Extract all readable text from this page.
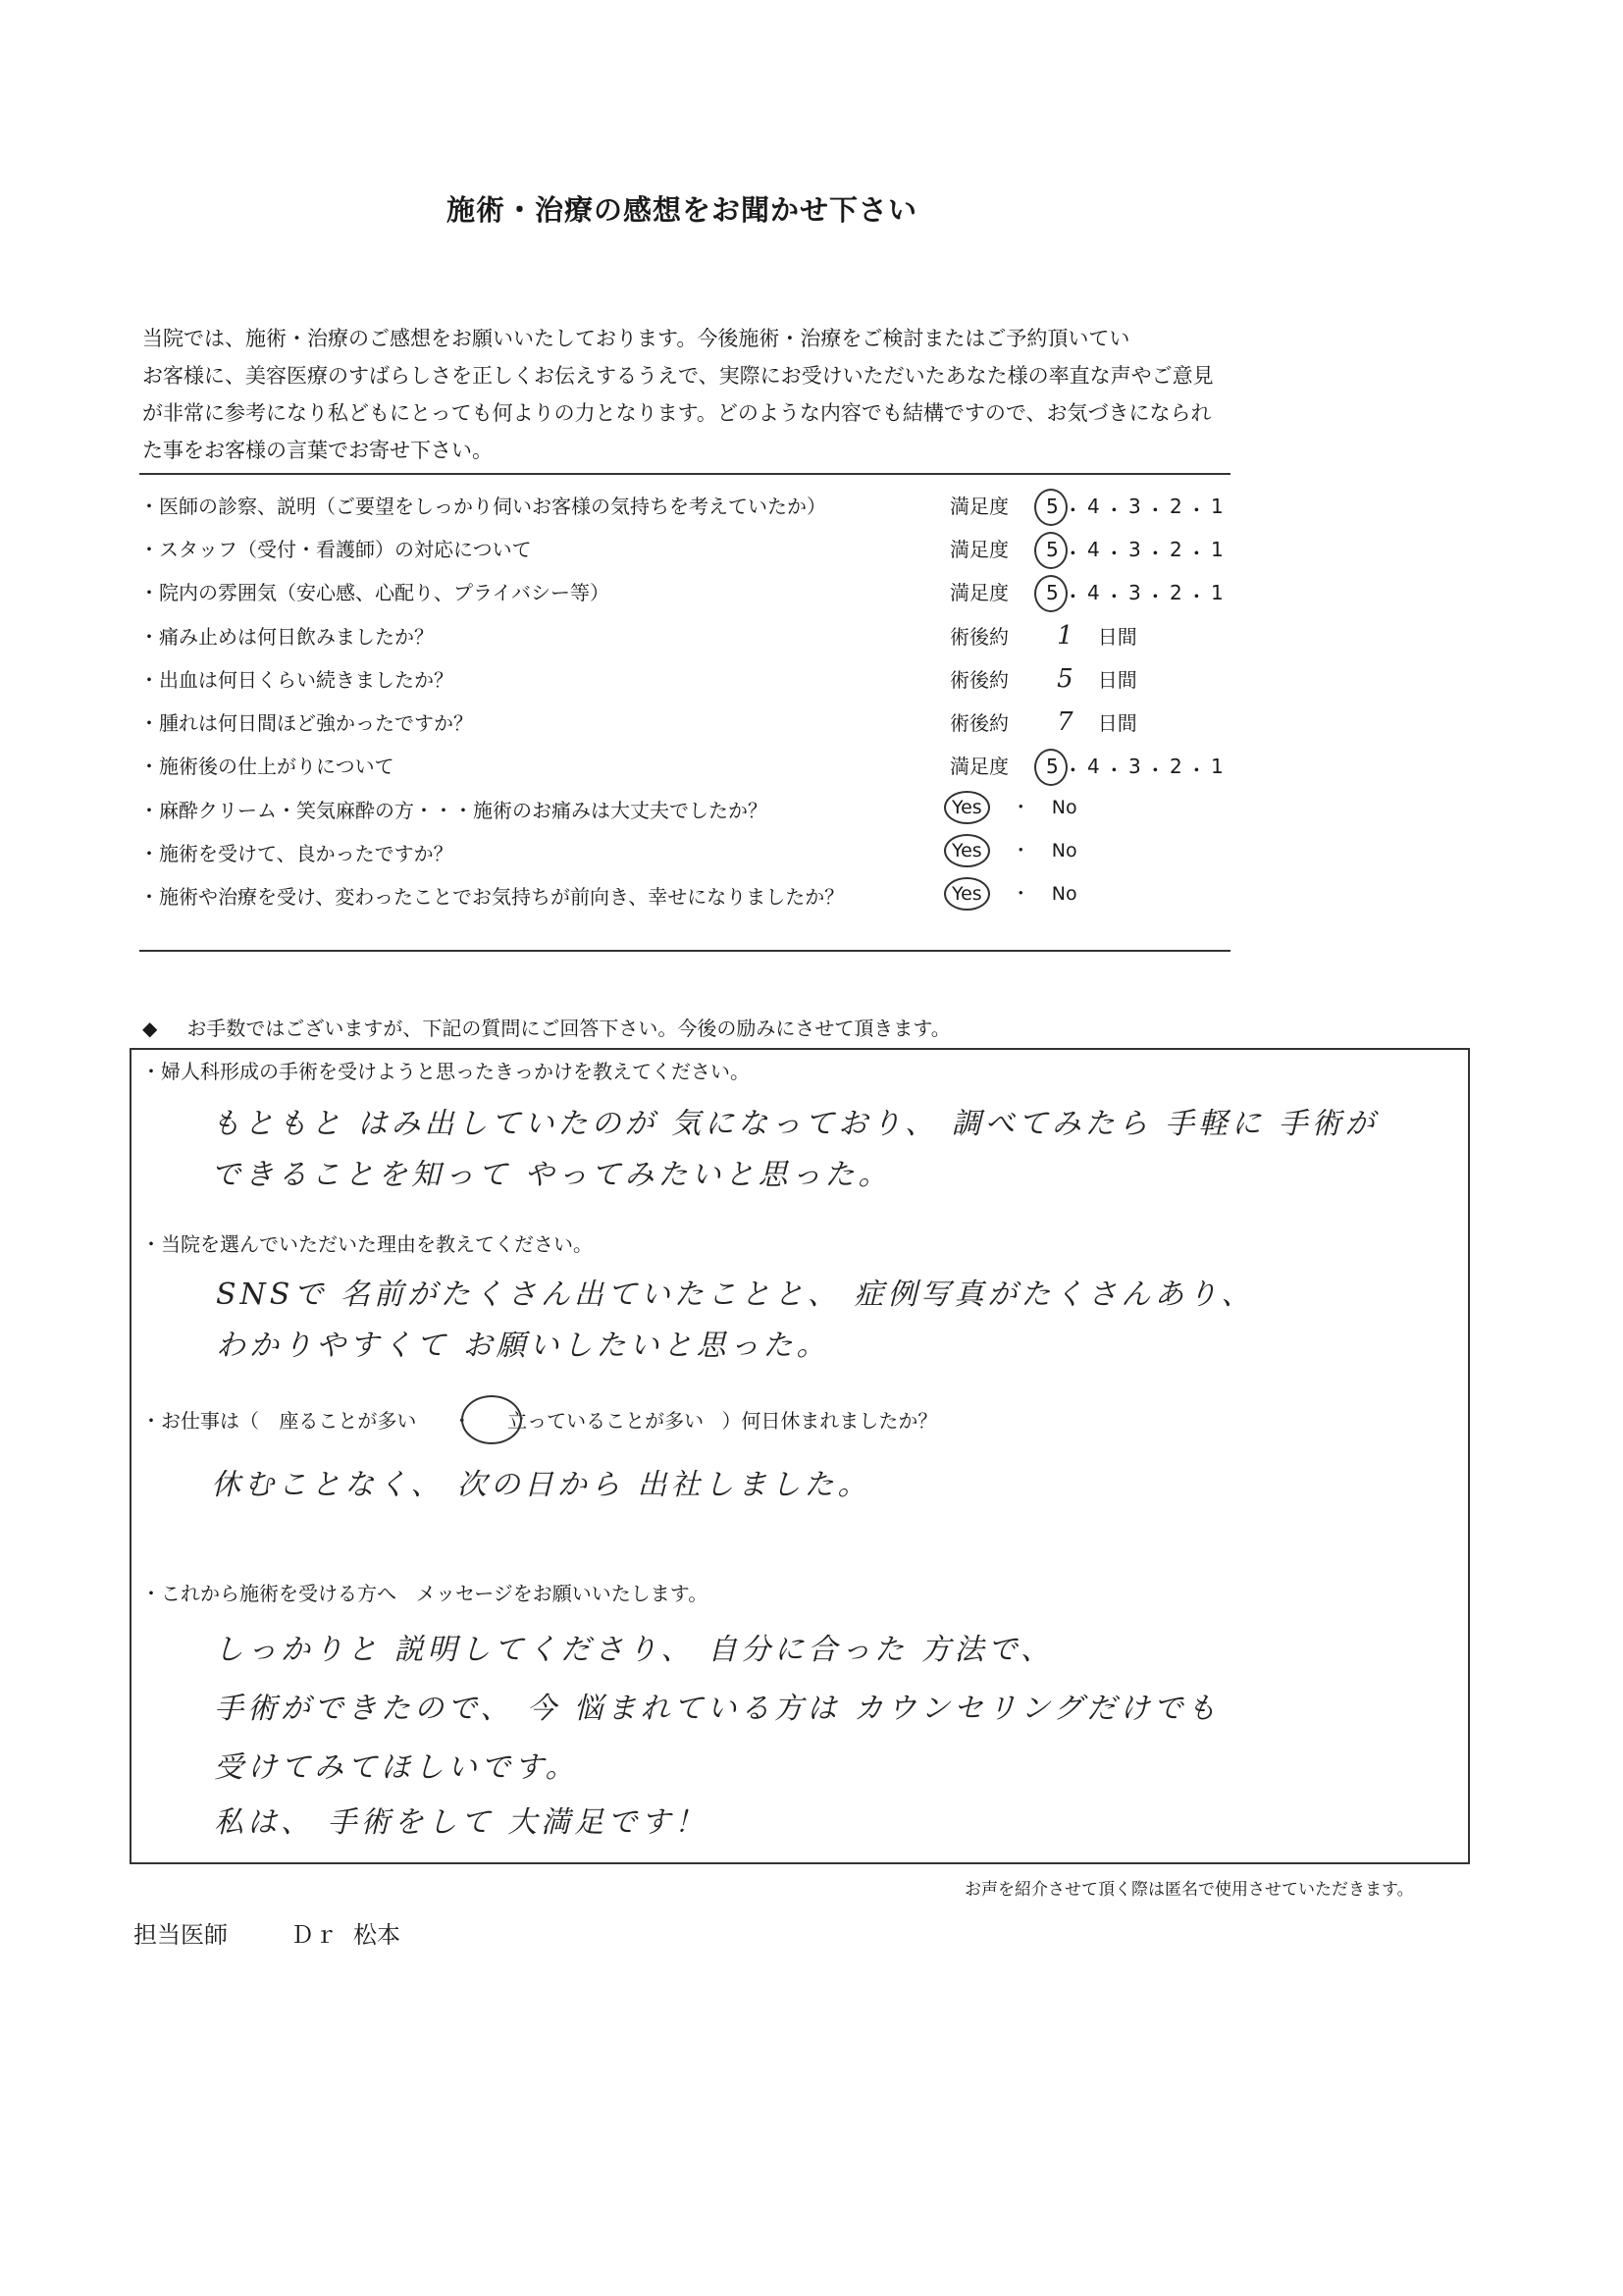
施術・治療の感想をお聞かせ下さい
当院では、施術・治療のご感想をお願いいたしております。今後施術・治療をご検討またはご予約頂いてい
お客様に、美容医療のすばらしさを正しくお伝えするうえで、実際にお受けいただいたあなた様の率直な声やご意見
が非常に参考になり私どもにとっても何よりの力となります。どのような内容でも結構ですので、お気づきになられ
た事をお客様の言葉でお寄せ下さい。
・医師の診察、説明（ご要望をしっかり伺いお客様の気持ちを考えていたか）	満足度 5 ・ 4 ・ 3 ・ 2 ・ 1
・スタッフ（受付・看護師）の対応について	満足度 5 ・ 4 ・ 3 ・ 2 ・ 1
・院内の雰囲気（安心感、心配り、プライバシー等）	満足度 5 ・ 4 ・ 3 ・ 2 ・ 1
・痛み止めは何日飲みましたか？	術後約 1 日間
・出血は何日くらい続きましたか？	術後約 5 日間
・腫れは何日間ほど強かったですか？	術後約 7 日間
・施術後の仕上がりについて	満足度 5 ・ 4 ・ 3 ・ 2 ・ 1
・麻酔クリーム・笑気麻酔の方・・・施術のお痛みは大丈夫でしたか？	Yes ・ No
・施術を受けて、良かったですか？	Yes ・ No
・施術や治療を受け、変わったことでお気持ちが前向き、幸せになりましたか？	Yes ・ No
◆ お手数ではございますが、下記の質問にご回答下さい。今後の励みにさせて頂きます。
・婦人科形成の手術を受けようと思ったきっかけを教えてください。
もともと はみ出していたのが 気になっており、 調べてみたら 手軽に 手術が
できることを知って やってみたいと思った。
・当院を選んでいただいた理由を教えてください。
SNSで 名前がたくさん出ていたことと、 症例写真がたくさんあり、
わかりやすくて お願いしたいと思った。
・お仕事は（ 座ることが多い ・ 立っていることが多い ）何日休まれましたか？
休むことなく、 次の日から 出社しました。
・これから施術を受ける方へ　メッセージをお願いいたします。
しっかりと 説明してくださり、 自分に合った 方法で、
手術ができたので、 今 悩まれている方は カウンセリングだけでも
受けてみてほしいです。
私は、 手術をして 大満足です！
お声を紹介させて頂く際は匿名で使用させていただきます。
担当医師	Ｄｒ 松本
